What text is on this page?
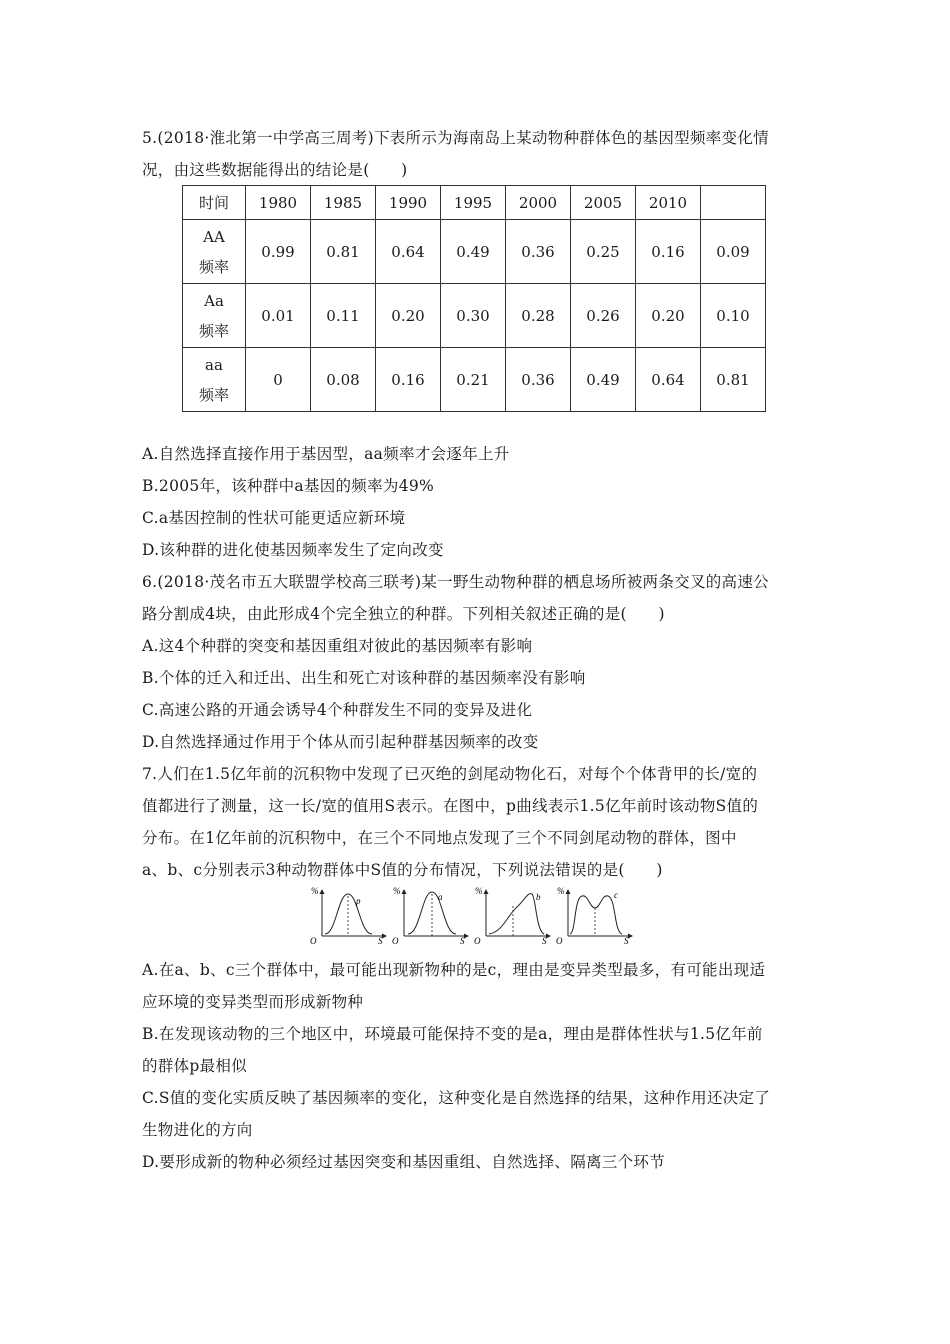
5.(2018·淮北第一中学高三周考)下表所示为海南岛上某动物种群体色的基因型频率变化情
况，由这些数据能得出的结论是(　　)
时间	1980	1985	1990	1995	2000	2005	2010	
AA
频率	0.99	0.81	0.64	0.49	0.36	0.25	0.16	0.09
Aa
频率	0.01	0.11	0.20	0.30	0.28	0.26	0.20	0.10
aa
频率	0	0.08	0.16	0.21	0.36	0.49	0.64	0.81
A.自然选择直接作用于基因型，aa频率才会逐年上升
B.2005年，该种群中a基因的频率为49%
C.a基因控制的性状可能更适应新环境
D.该种群的进化使基因频率发生了定向改变
6.(2018·茂名市五大联盟学校高三联考)某一野生动物种群的栖息场所被两条交叉的高速公
路分割成4块，由此形成4个完全独立的种群。下列相关叙述正确的是(　　)
A.这4个种群的突变和基因重组对彼此的基因频率有影响
B.个体的迁入和迁出、出生和死亡对该种群的基因频率没有影响
C.高速公路的开通会诱导4个种群发生不同的变异及进化
D.自然选择通过作用于个体从而引起种群基因频率的改变
7.人们在1.5亿年前的沉积物中发现了已灭绝的剑尾动物化石，对每个个体背甲的长/宽的
值都进行了测量，这一长/宽的值用S表示。在图中，p曲线表示1.5亿年前时该动物S值的
分布。在1亿年前的沉积物中，在三个不同地点发现了三个不同剑尾动物的群体，图中
a、b、c分别表示3种动物群体中S值的分布情况，下列说法错误的是(　　)
%
O	S
p
%
O	S
a
%
O	S
b
%
O	S
c
A.在a、b、c三个群体中，最可能出现新物种的是c，理由是变异类型最多，有可能出现适
应环境的变异类型而形成新物种
B.在发现该动物的三个地区中，环境最可能保持不变的是a，理由是群体性状与1.5亿年前
的群体p最相似
C.S值的变化实质反映了基因频率的变化，这种变化是自然选择的结果，这种作用还决定了
生物进化的方向
D.要形成新的物种必须经过基因突变和基因重组、自然选择、隔离三个环节
